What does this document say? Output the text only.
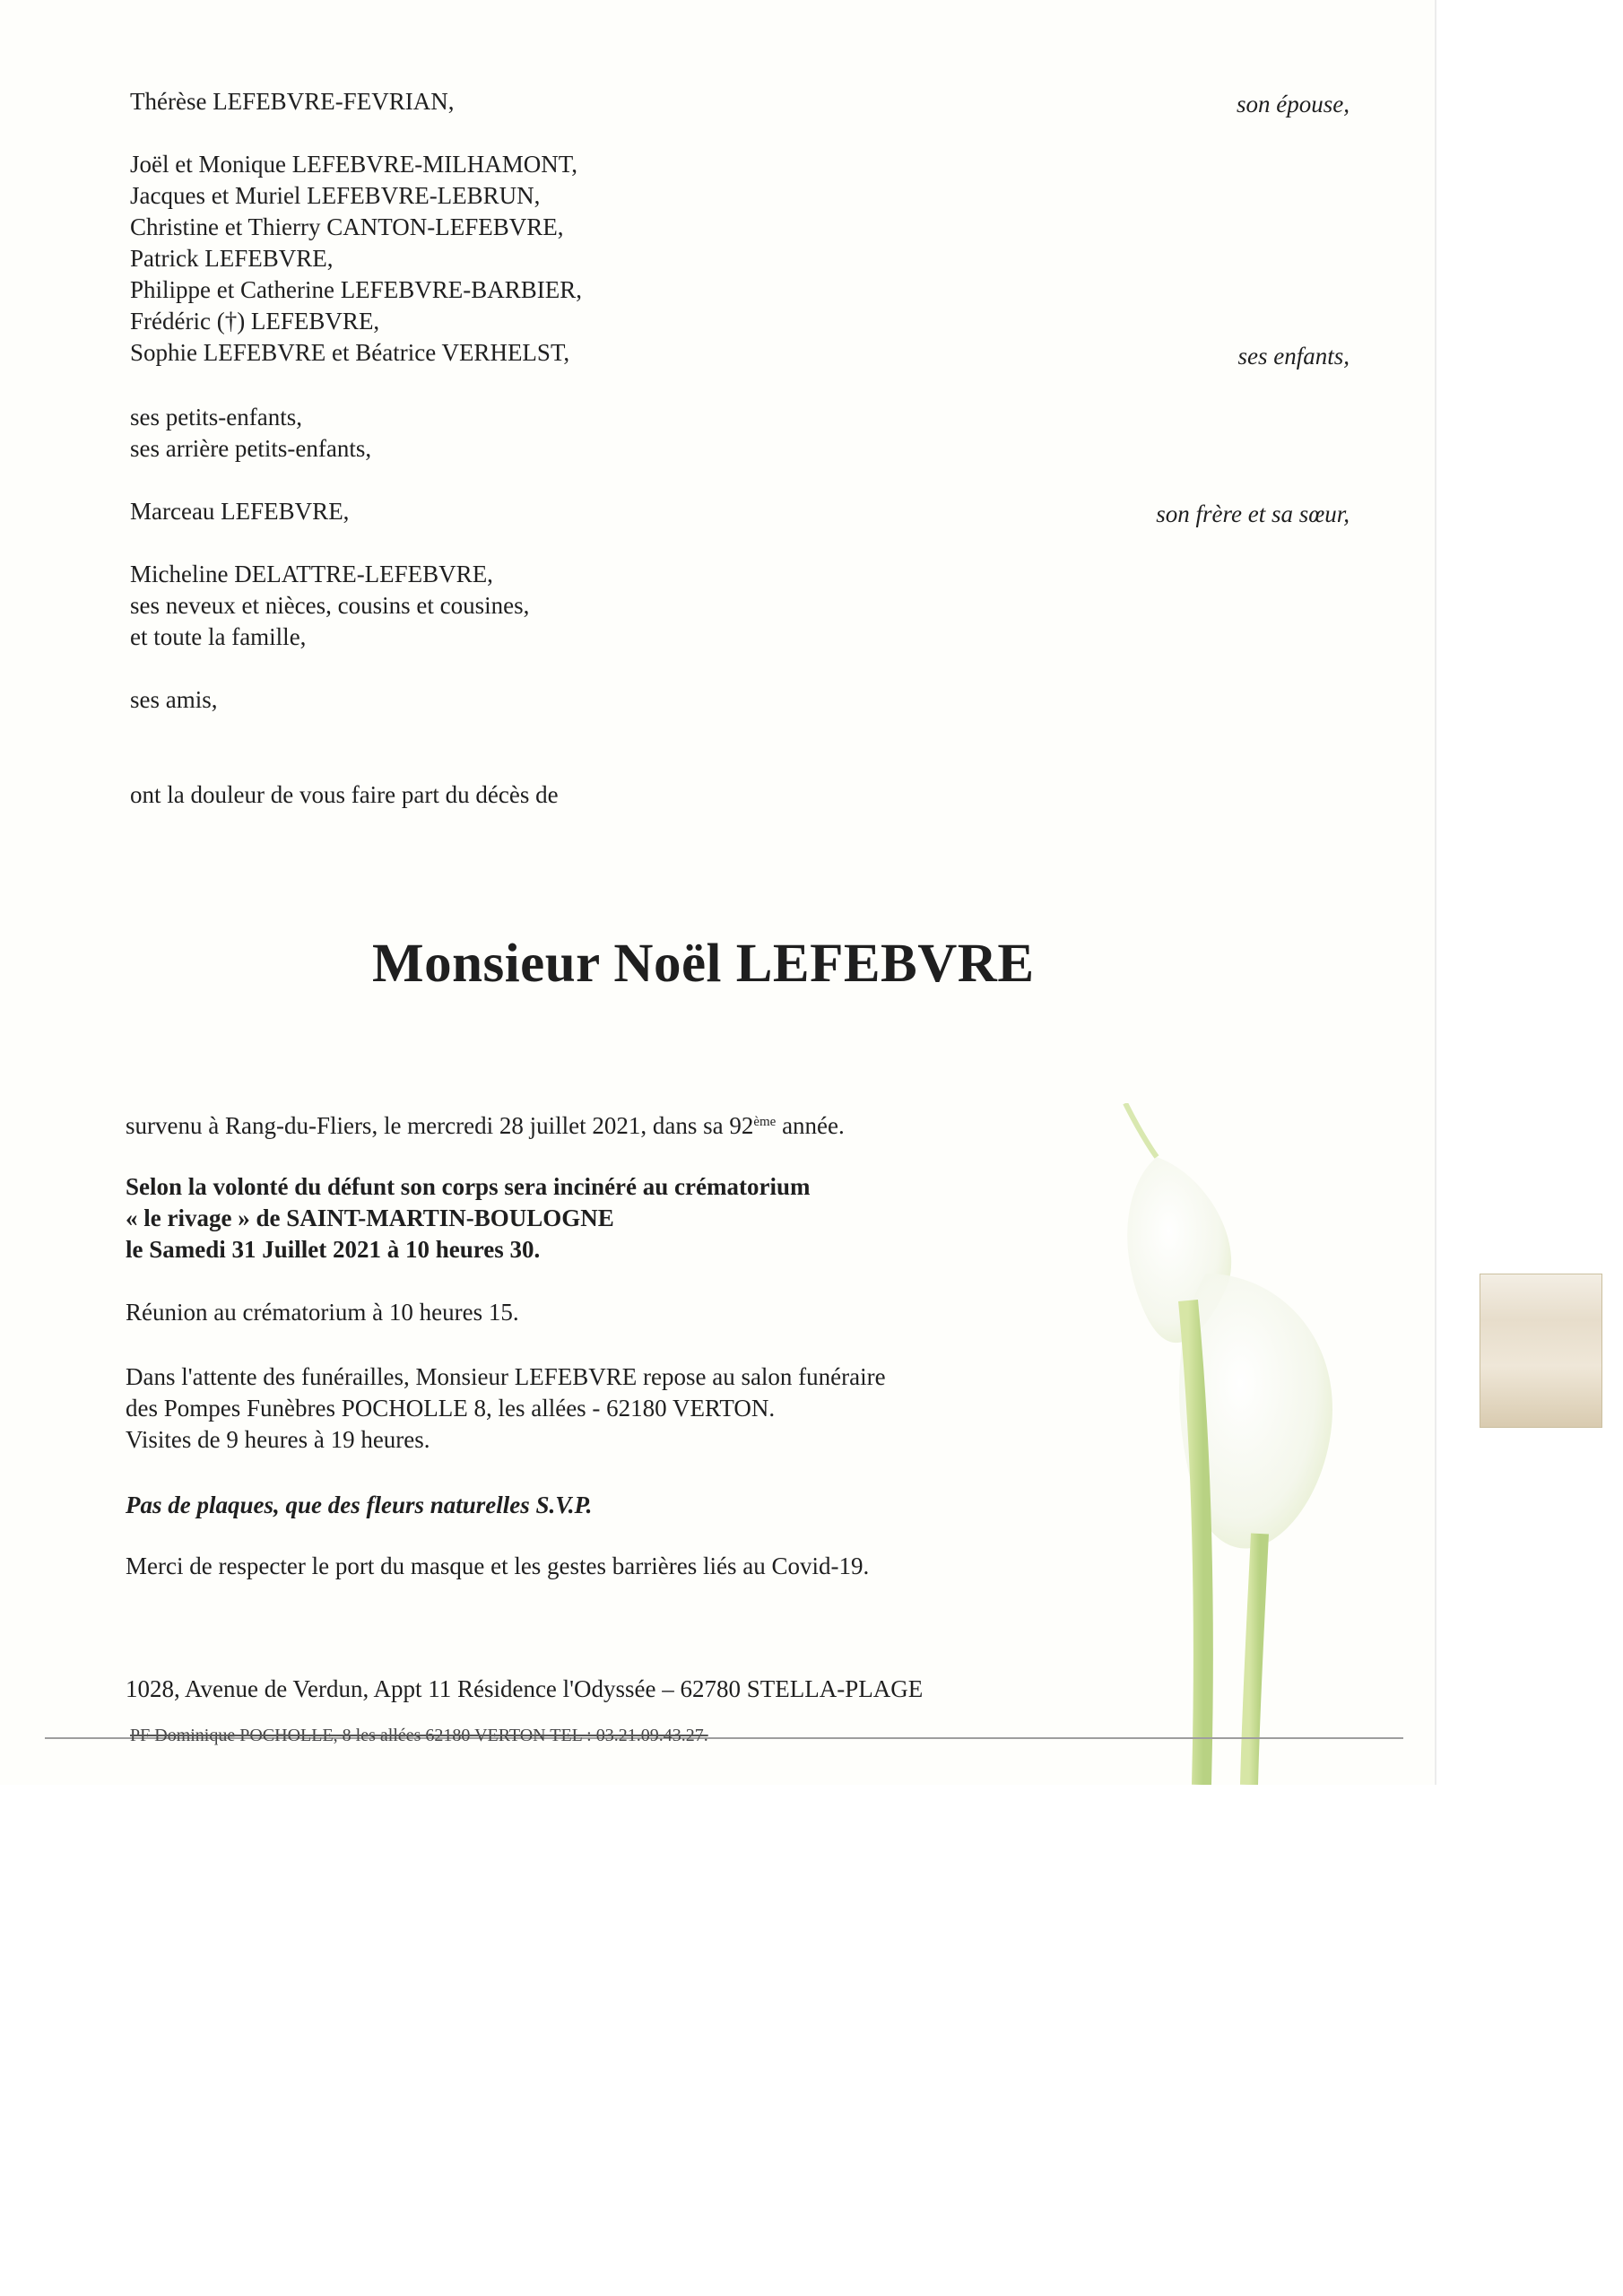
Thérèse LEFEBVRE-FEVRIAN,	son épouse,
Joël et Monique LEFEBVRE-MILHAMONT,
Jacques et Muriel LEFEBVRE-LEBRUN,
Christine et Thierry CANTON-LEFEBVRE,
Patrick LEFEBVRE,
Philippe et Catherine LEFEBVRE-BARBIER,
Frédéric (†) LEFEBVRE,
Sophie LEFEBVRE et Béatrice VERHELST,	ses enfants,
ses petits-enfants,
ses arrière petits-enfants,
Marceau LEFEBVRE,	son frère et sa sœur,
Micheline DELATTRE-LEFEBVRE,
ses neveux et nièces, cousins et cousines,
et toute la famille,
ses amis,
ont la douleur de vous faire part du décès de
Monsieur Noël LEFEBVRE
survenu à Rang-du-Fliers, le mercredi 28 juillet 2021, dans sa 92ème année.
Selon la volonté du défunt son corps sera incinéré au crématorium
« le rivage » de SAINT-MARTIN-BOULOGNE
le Samedi 31 Juillet 2021 à 10 heures 30.
Réunion au crématorium à 10 heures 15.
Dans l'attente des funérailles, Monsieur LEFEBVRE repose au salon funéraire
des Pompes Funèbres POCHOLLE 8, les allées - 62180 VERTON.
Visites de 9 heures à 19 heures.
Pas de plaques, que des fleurs naturelles S.V.P.
Merci de respecter le port du masque et les gestes barrières liés au Covid-19.
1028, Avenue de Verdun, Appt 11 Résidence l'Odyssée – 62780 STELLA-PLAGE
PF Dominique POCHOLLE, 8 les allées 62180 VERTON TEL : 03.21.09.43.27.
